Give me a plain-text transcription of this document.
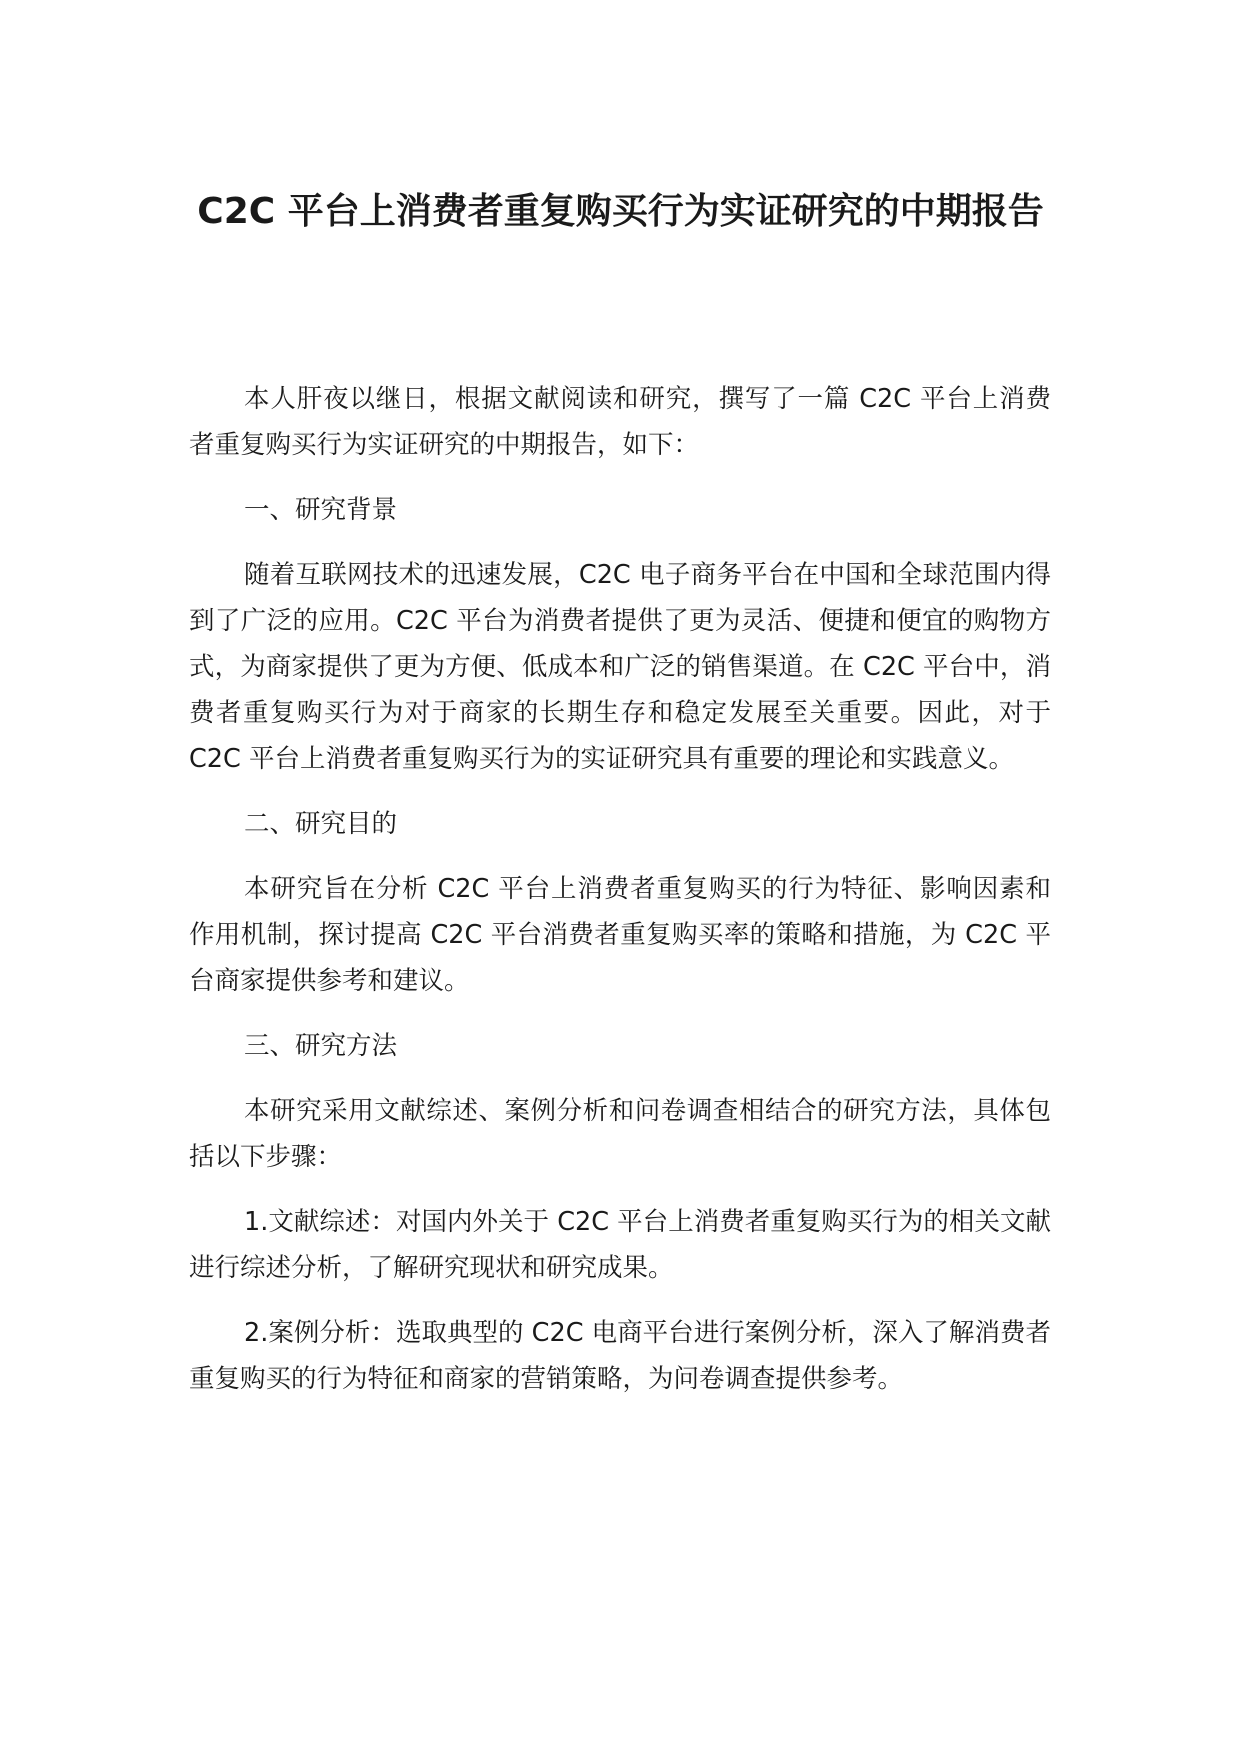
C2C 平台上消费者重复购买行为实证研究的中期报告

本人肝夜以继日，根据文献阅读和研究，撰写了一篇 C2C 平台上消费者重复购买行为实证研究的中期报告，如下：

一、研究背景

随着互联网技术的迅速发展，C2C 电子商务平台在中国和全球范围内得到了广泛的应用。C2C 平台为消费者提供了更为灵活、便捷和便宜的购物方式，为商家提供了更为方便、低成本和广泛的销售渠道。在 C2C 平台中，消费者重复购买行为对于商家的长期生存和稳定发展至关重要。因此，对于 C2C 平台上消费者重复购买行为的实证研究具有重要的理论和实践意义。

二、研究目的

本研究旨在分析 C2C 平台上消费者重复购买的行为特征、影响因素和作用机制，探讨提高 C2C 平台消费者重复购买率的策略和措施，为 C2C 平台商家提供参考和建议。

三、研究方法

本研究采用文献综述、案例分析和问卷调查相结合的研究方法，具体包括以下步骤：

1.文献综述：对国内外关于 C2C 平台上消费者重复购买行为的相关文献进行综述分析，了解研究现状和研究成果。

2.案例分析：选取典型的 C2C 电商平台进行案例分析，深入了解消费者重复购买的行为特征和商家的营销策略，为问卷调查提供参考。
